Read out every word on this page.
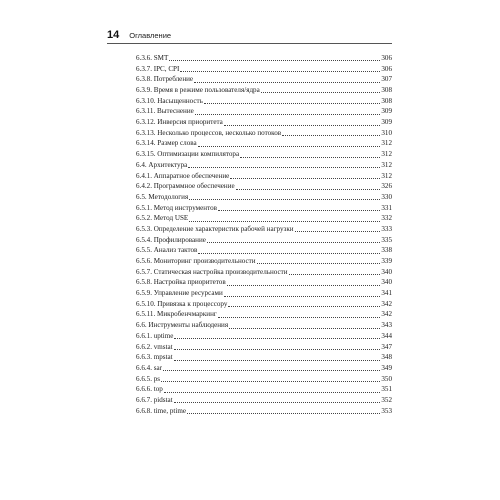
14 Оглавление
6.3.6. SMT	306
6.3.7. IPC, CPI	306
6.3.8. Потребление	307
6.3.9. Время в режиме пользователя/ядра	308
6.3.10. Насыщенность	308
6.3.11. Вытеснение	309
6.3.12. Инверсия приоритета	309
6.3.13. Несколько процессов, несколько потоков	310
6.3.14. Размер слова	312
6.3.15. Оптимизации компилятора	312
6.4. Архитектура	312
6.4.1. Аппаратное обеспечение	312
6.4.2. Программное обеспечение	326
6.5. Методология	330
6.5.1. Метод инструментов	331
6.5.2. Метод USE	332
6.5.3. Определение характеристик рабочей нагрузки	333
6.5.4. Профилирование	335
6.5.5. Анализ тактов	338
6.5.6. Мониторинг производительности	339
6.5.7. Статическая настройка производительности	340
6.5.8. Настройка приоритетов	340
6.5.9. Управление ресурсами	341
6.5.10. Привязка к процессору	342
6.5.11. Микробенчмаркинг	342
6.6. Инструменты наблюдения	343
6.6.1. uptime	344
6.6.2. vmstat	347
6.6.3. mpstat	348
6.6.4. sar	349
6.6.5. ps	350
6.6.6. top	351
6.6.7. pidstat	352
6.6.8. time, ptime	353
